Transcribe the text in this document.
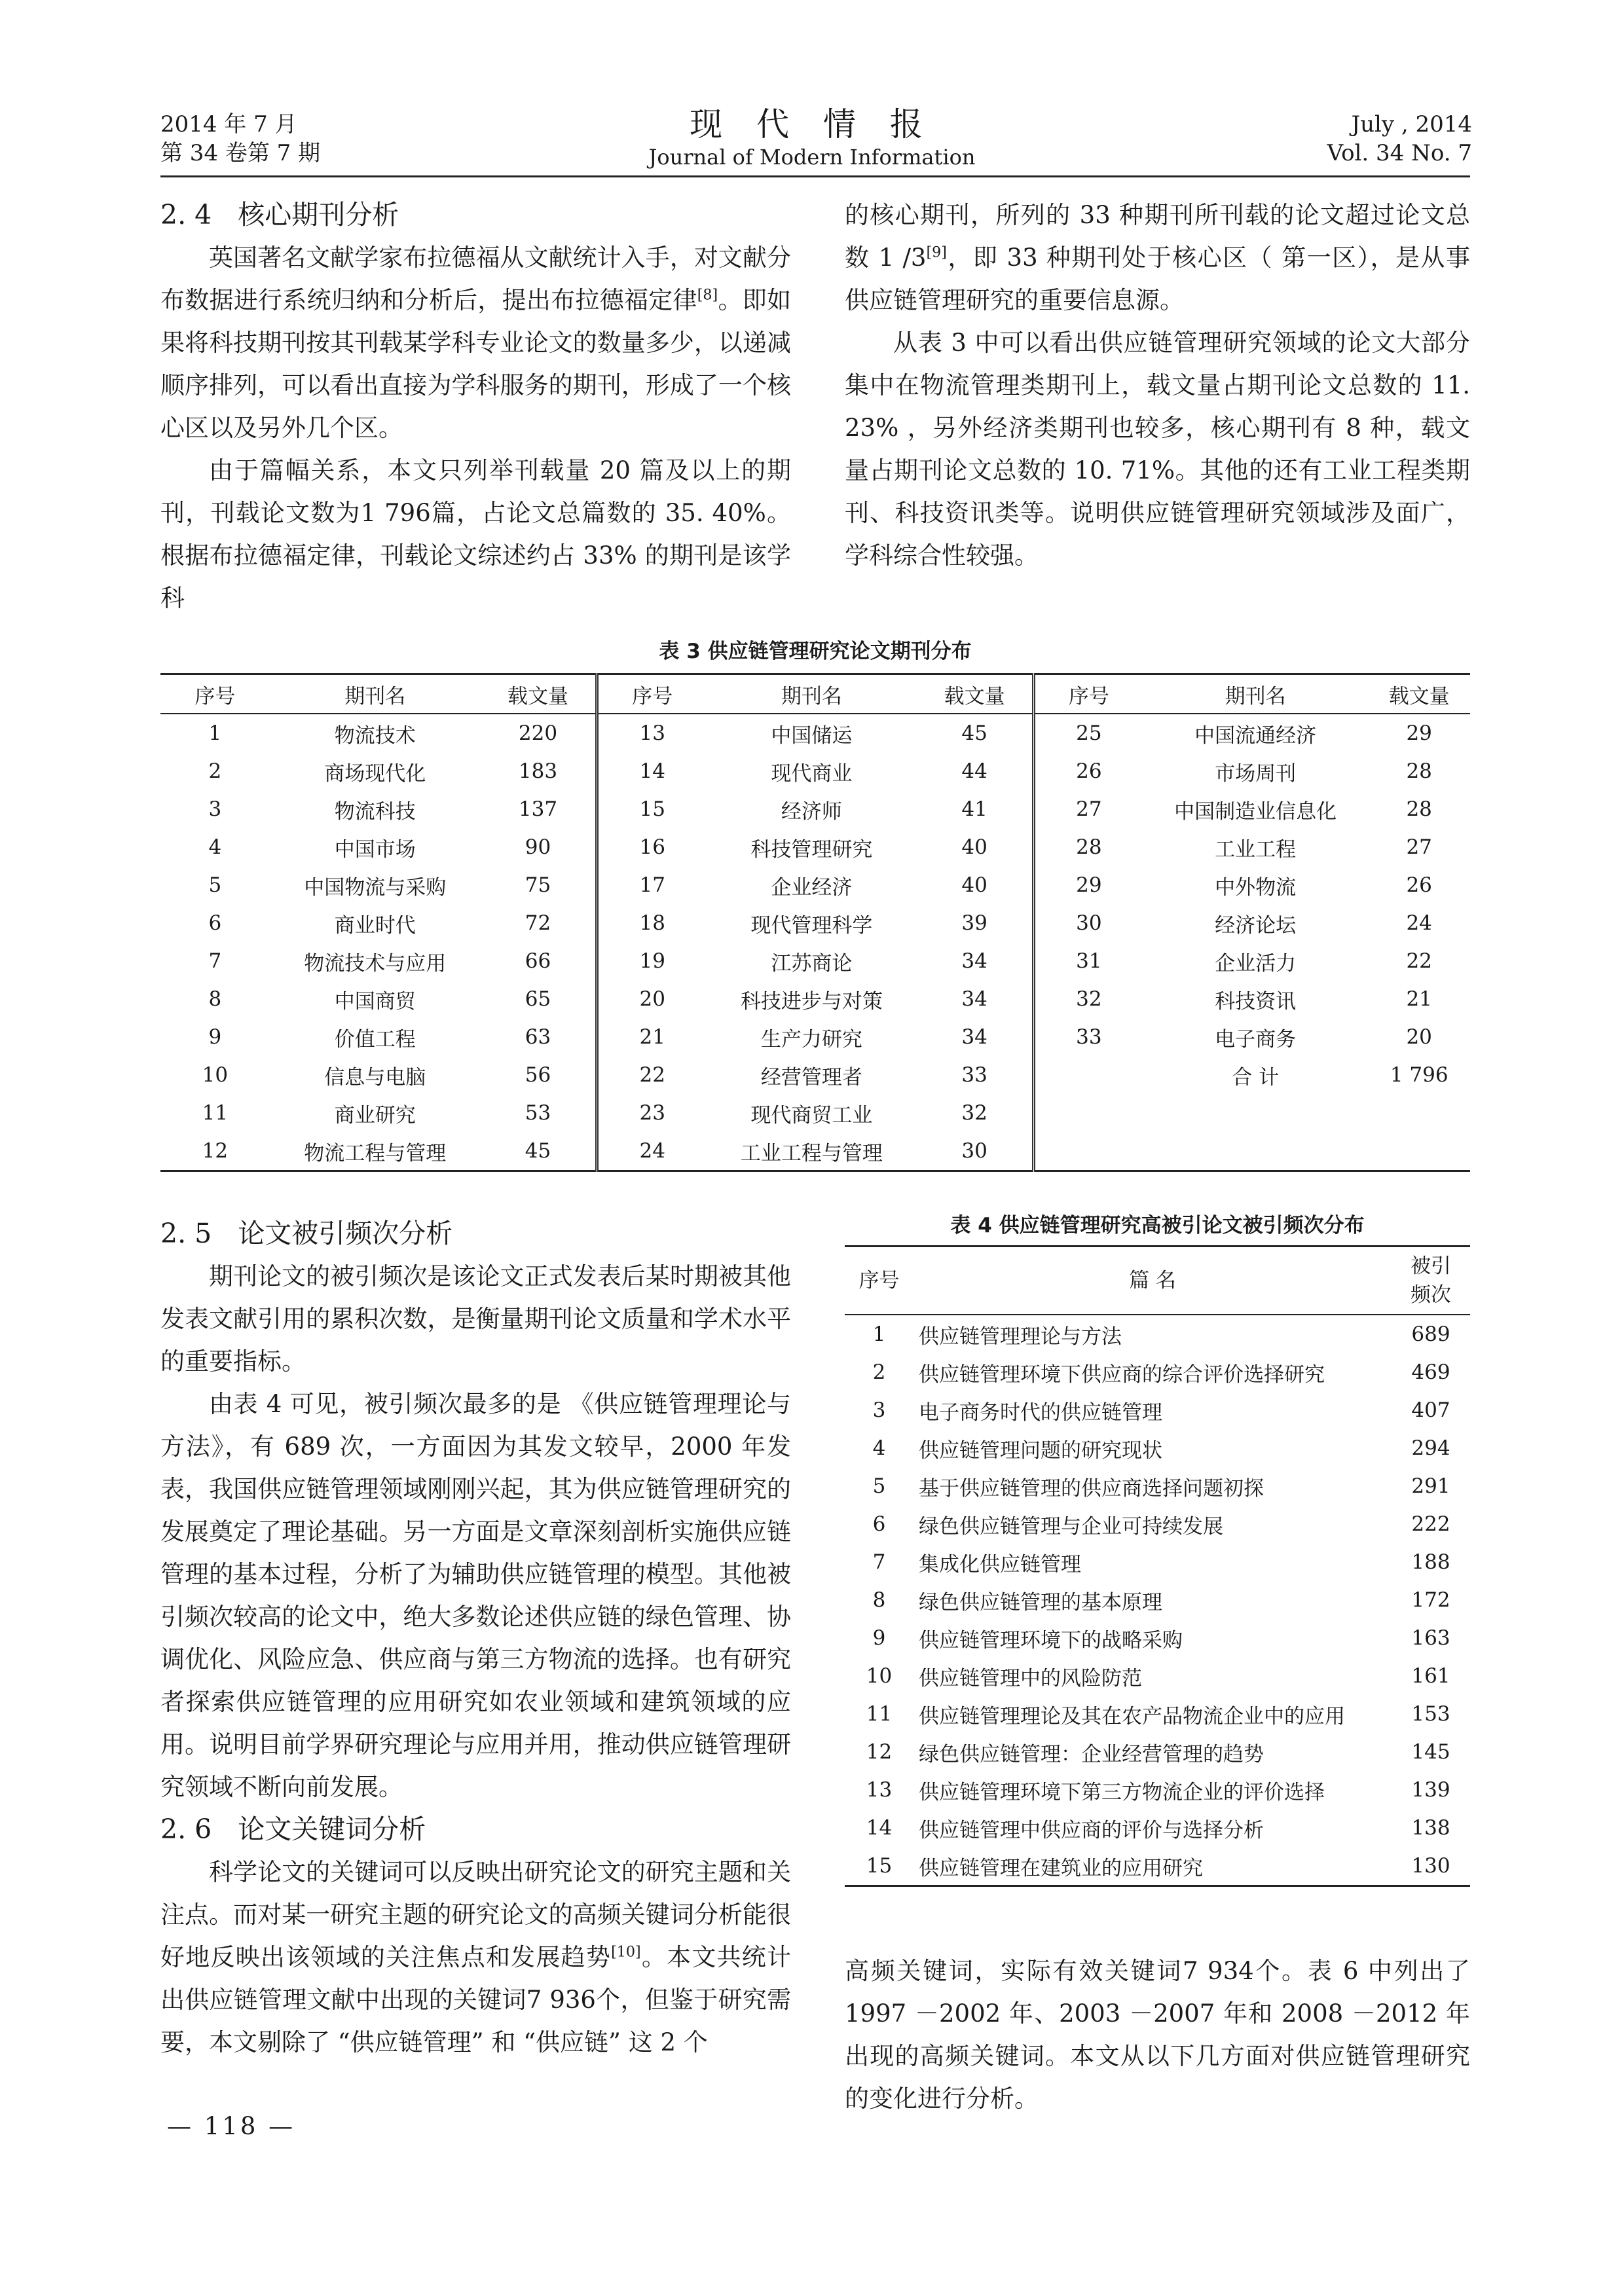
2014 年 7 月
第 34 卷第 7 期
现 代 情 报
Journal of Modern Information
July , 2014
Vol. 34 No. 7
2. 4 核心期刊分析
英国著名文献学家布拉德福从文献统计入手，对文献分布数据进行系统归纳和分析后，提出布拉德福定律[8]。即如果将科技期刊按其刊载某学科专业论文的数量多少，以递减顺序排列，可以看出直接为学科服务的期刊，形成了一个核心区以及另外几个区。
由于篇幅关系，本文只列举刊载量 20 篇及以上的期刊，刊载论文数为1 796篇，占论文总篇数的 35. 40%。根据布拉德福定律，刊载论文综述约占 33% 的期刊是该学科
的核心期刊，所列的 33 种期刊所刊载的论文超过论文总数 1 /3[9]，即 33 种期刊处于核心区（ 第一区），是从事供应链管理研究的重要信息源。
从表 3 中可以看出供应链管理研究领域的论文大部分集中在物流管理类期刊上，载文量占期刊论文总数的 11. 23% ，另外经济类期刊也较多，核心期刊有 8 种，载文量占期刊论文总数的 10. 71%。其他的还有工业工程类期刊、科技资讯类等。说明供应链管理研究领域涉及面广，学科综合性较强。
表 3 供应链管理研究论文期刊分布
序号	期刊名	载文量	序号	期刊名	载文量	序号	期刊名	载文量
1	物流技术	220	13	中国储运	45	25	中国流通经济	29
2	商场现代化	183	14	现代商业	44	26	市场周刊	28
3	物流科技	137	15	经济师	41	27	中国制造业信息化	28
4	中国市场	90	16	科技管理研究	40	28	工业工程	27
5	中国物流与采购	75	17	企业经济	40	29	中外物流	26
6	商业时代	72	18	现代管理科学	39	30	经济论坛	24
7	物流技术与应用	66	19	江苏商论	34	31	企业活力	22
8	中国商贸	65	20	科技进步与对策	34	32	科技资讯	21
9	价值工程	63	21	生产力研究	34	33	电子商务	20
10	信息与电脑	56	22	经营管理者	33		合 计	1 796
11	商业研究	53	23	现代商贸工业	32			
12	物流工程与管理	45	24	工业工程与管理	30			
2. 5 论文被引频次分析
期刊论文的被引频次是该论文正式发表后某时期被其他发表文献引用的累积次数，是衡量期刊论文质量和学术水平的重要指标。
由表 4 可见，被引频次最多的是 《供应链管理理论与方法》，有 689 次，一方面因为其发文较早，2000 年发表，我国供应链管理领域刚刚兴起，其为供应链管理研究的发展奠定了理论基础。另一方面是文章深刻剖析实施供应链管理的基本过程，分析了为辅助供应链管理的模型。其他被引频次较高的论文中，绝大多数论述供应链的绿色管理、协调优化、风险应急、供应商与第三方物流的选择。也有研究者探索供应链管理的应用研究如农业领域和建筑领域的应用。说明目前学界研究理论与应用并用，推动供应链管理研究领域不断向前发展。
2. 6 论文关键词分析
科学论文的关键词可以反映出研究论文的研究主题和关注点。而对某一研究主题的研究论文的高频关键词分析能很好地反映出该领域的关注焦点和发展趋势[10]。本文共统计出供应链管理文献中出现的关键词7 936个，但鉴于研究需要，本文剔除了 “供应链管理” 和 “供应链” 这 2 个
表 4 供应链管理研究高被引论文被引频次分布
序号	篇 名	被引频次

1	供应链管理理论与方法	689
2	供应链管理环境下供应商的综合评价选择研究	469
3	电子商务时代的供应链管理	407
4	供应链管理问题的研究现状	294
5	基于供应链管理的供应商选择问题初探	291
6	绿色供应链管理与企业可持续发展	222
7	集成化供应链管理	188
8	绿色供应链管理的基本原理	172
9	供应链管理环境下的战略采购	163
10	供应链管理中的风险防范	161
11	供应链管理理论及其在农产品物流企业中的应用	153
12	绿色供应链管理：企业经营管理的趋势	145
13	供应链管理环境下第三方物流企业的评价选择	139
14	供应链管理中供应商的评价与选择分析	138
15	供应链管理在建筑业的应用研究	130
高频关键词，实际有效关键词7 934个。表 6 中列出了 1997 －2002 年、2003 －2007 年和 2008 －2012 年出现的高频关键词。本文从以下几方面对供应链管理研究的变化进行分析。
— 118 —
